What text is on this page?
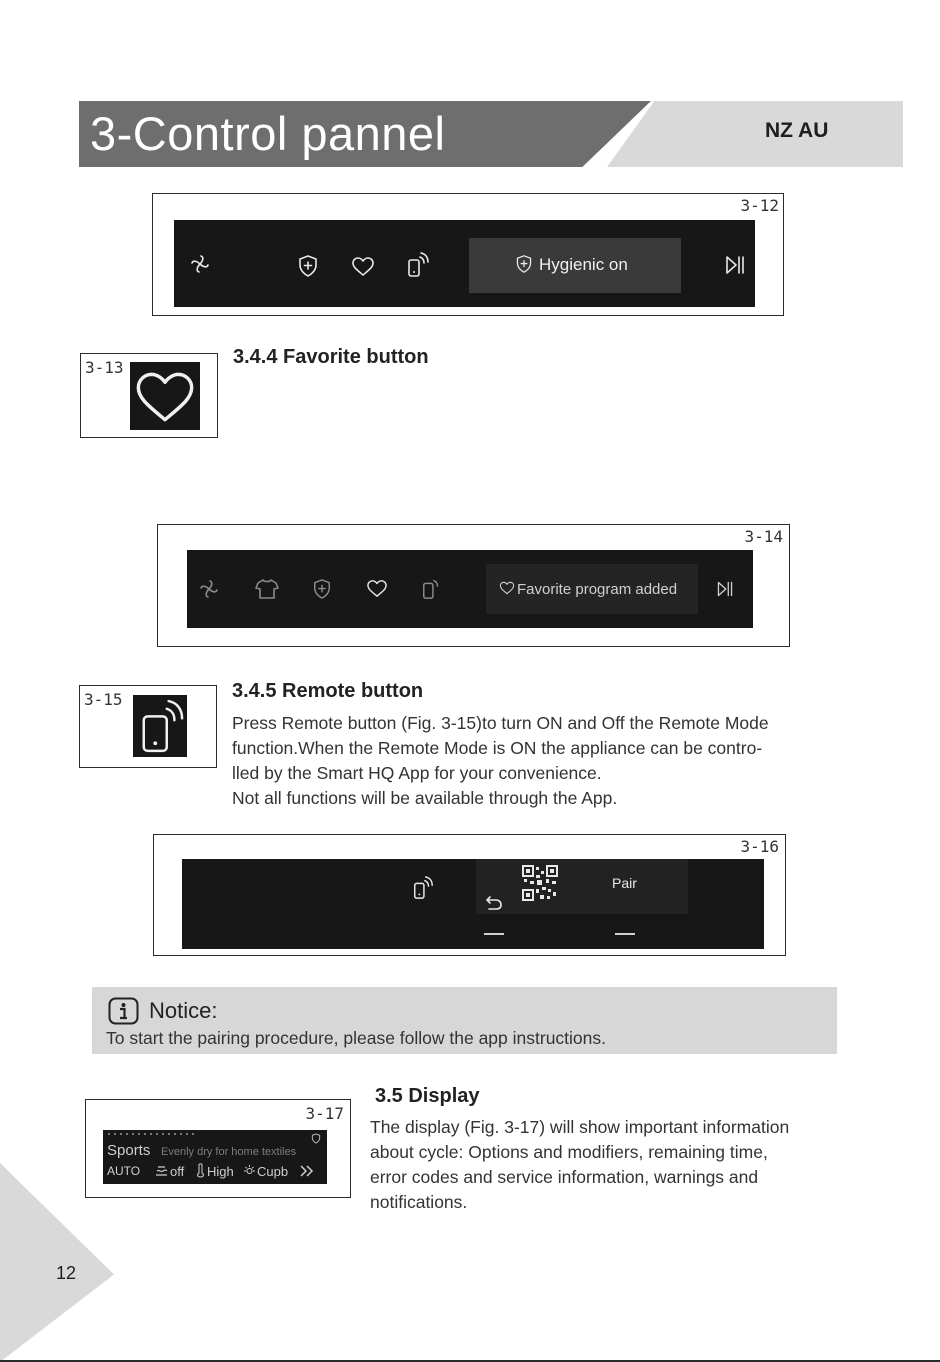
3-Control pannel	NZ AU
3-12
Hygienic on
3-13	3.4.4 Favorite button
3-14
Favorite program added
3-15	3.4.5 Remote button
Press Remote button (Fig. 3-15)to turn ON and Off the Remote Mode
function.When the Remote Mode is ON the appliance can be contro-
lled by the Smart HQ App for your convenience.
Not all functions will be available through the App.
3-16
Pair
Notice:
To start the pairing procedure, please follow the app instructions.
3-17
Sports Evenly dry for home textiles
AUTO off High Cupb
3.5 Display
The display (Fig. 3-17) will show important information
about cycle: Options and modifiers, remaining time,
error codes and service information, warnings and
notifications.
12
